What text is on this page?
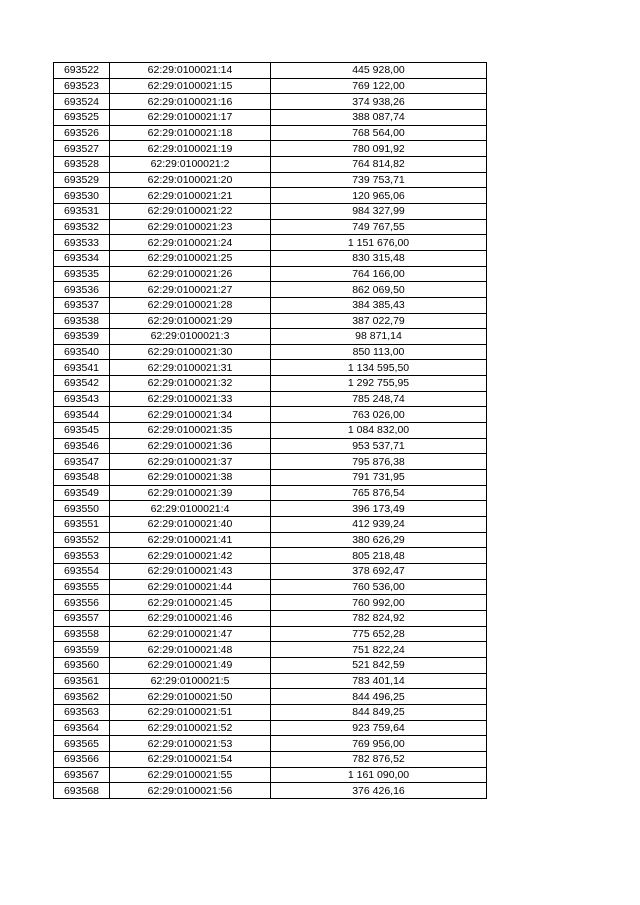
693522	62:29:0100021:14	445 928,00
693523	62:29:0100021:15	769 122,00
693524	62:29:0100021:16	374 938,26
693525	62:29:0100021:17	388 087,74
693526	62:29:0100021:18	768 564,00
693527	62:29:0100021:19	780 091,92
693528	62:29:0100021:2	764 814,82
693529	62:29:0100021:20	739 753,71
693530	62:29:0100021:21	120 965,06
693531	62:29:0100021:22	984 327,99
693532	62:29:0100021:23	749 767,55
693533	62:29:0100021:24	1 151 676,00
693534	62:29:0100021:25	830 315,48
693535	62:29:0100021:26	764 166,00
693536	62:29:0100021:27	862 069,50
693537	62:29:0100021:28	384 385,43
693538	62:29:0100021:29	387 022,79
693539	62:29:0100021:3	98 871,14
693540	62:29:0100021:30	850 113,00
693541	62:29:0100021:31	1 134 595,50
693542	62:29:0100021:32	1 292 755,95
693543	62:29:0100021:33	785 248,74
693544	62:29:0100021:34	763 026,00
693545	62:29:0100021:35	1 084 832,00
693546	62:29:0100021:36	953 537,71
693547	62:29:0100021:37	795 876,38
693548	62:29:0100021:38	791 731,95
693549	62:29:0100021:39	765 876,54
693550	62:29:0100021:4	396 173,49
693551	62:29:0100021:40	412 939,24
693552	62:29:0100021:41	380 626,29
693553	62:29:0100021:42	805 218,48
693554	62:29:0100021:43	378 692,47
693555	62:29:0100021:44	760 536,00
693556	62:29:0100021:45	760 992,00
693557	62:29:0100021:46	782 824,92
693558	62:29:0100021:47	775 652,28
693559	62:29:0100021:48	751 822,24
693560	62:29:0100021:49	521 842,59
693561	62:29:0100021:5	783 401,14
693562	62:29:0100021:50	844 496,25
693563	62:29:0100021:51	844 849,25
693564	62:29:0100021:52	923 759,64
693565	62:29:0100021:53	769 956,00
693566	62:29:0100021:54	782 876,52
693567	62:29:0100021:55	1 161 090,00
693568	62:29:0100021:56	376 426,16
